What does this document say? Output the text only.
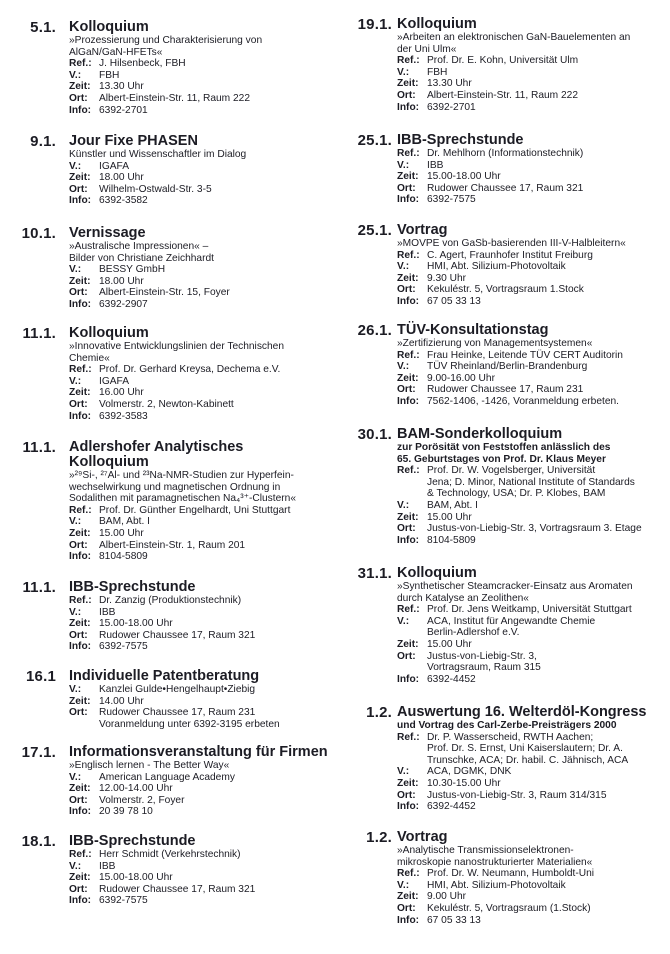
5.1. Kolloquium
»Prozessierung und Charakterisierung von
AlGaN/GaN-HFETs«
Ref.: J. Hilsenbeck, FBH
V.:	FBH
Zeit: 13.30 Uhr
Ort:	Albert-Einstein-Str. 11, Raum 222
Info: 6392-2701
9.1. Jour Fixe PHASEN
Künstler und Wissenschaftler im Dialog
V.:	IGAFA
Zeit: 18.00 Uhr
Ort:	Wilhelm-Ostwald-Str. 3-5
Info: 6392-3582
10.1. Vernissage
»Australische Impressionen« –
Bilder von Christiane Zeichhardt
V.:	BESSY GmbH
Zeit: 18.00 Uhr
Ort:	Albert-Einstein-Str. 15, Foyer
Info: 6392-2907
11.1. Kolloquium
»Innovative Entwicklungslinien der Technischen
Chemie«
Ref.: Prof. Dr. Gerhard Kreysa, Dechema e.V.
V.:	IGAFA
Zeit: 16.00 Uhr
Ort:	Volmerstr. 2, Newton-Kabinett
Info: 6392-3583
11.1. Adlershofer Analytisches
Kolloquium
»²⁹Si-, ²⁷Al- und ²³Na-NMR-Studien zur Hyperfein-
wechselwirkung und magnetischen Ordnung in
Sodalithen mit paramagnetischen Na₄³⁺-Clustern«
Ref.: Prof. Dr. Günther Engelhardt, Uni Stuttgart
V.:	BAM, Abt. I
Zeit: 15.00 Uhr
Ort:	Albert-Einstein-Str. 1, Raum 201
Info: 8104-5809
11.1. IBB-Sprechstunde
Ref.: Dr. Zanzig (Produktionstechnik)
V.:	IBB
Zeit: 15.00-18.00 Uhr
Ort:	Rudower Chaussee 17, Raum 321
Info: 6392-7575
16.1 Individuelle Patentberatung
V.:	Kanzlei Gulde•Hengelhaupt•Ziebig
Zeit: 14.00 Uhr
Ort:	Rudower Chaussee 17, Raum 231
Voranmeldung unter 6392-3195 erbeten
17.1. Informationsveranstaltung für Firmen
»Englisch lernen - The Better Way«
V.:	American Language Academy
Zeit: 12.00-14.00 Uhr
Ort:	Volmerstr. 2, Foyer
Info: 20 39 78 10
18.1. IBB-Sprechstunde
Ref.: Herr Schmidt (Verkehrstechnik)
V.:	IBB
Zeit: 15.00-18.00 Uhr
Ort:	Rudower Chaussee 17, Raum 321
Info: 6392-7575
19.1. Kolloquium
»Arbeiten an elektronischen GaN-Bauelementen an
der Uni Ulm«
Ref.: Prof. Dr. E. Kohn, Universität Ulm
V.:	FBH
Zeit: 13.30 Uhr
Ort:	Albert-Einstein-Str. 11, Raum 222
Info: 6392-2701
25.1. IBB-Sprechstunde
Ref.: Dr. Mehlhorn (Informationstechnik)
V.:	IBB
Zeit: 15.00-18.00 Uhr
Ort:	Rudower Chaussee 17, Raum 321
Info: 6392-7575
25.1. Vortrag
»MOVPE von GaSb-basierenden III-V-Halbleitern«
Ref.: C. Agert, Fraunhofer Institut Freiburg
V.:	HMI, Abt. Silizium-Photovoltaik
Zeit: 9.30 Uhr
Ort:	Kekuléstr. 5, Vortragsraum 1.Stock
Info: 67 05 33 13
26.1. TÜV-Konsultationstag
»Zertifizierung von Managementsystemen«
Ref.: Frau Heinke, Leitende TÜV CERT Auditorin
V.:	TÜV Rheinland/Berlin-Brandenburg
Zeit: 9.00-16.00 Uhr
Ort:	Rudower Chaussee 17, Raum 231
Info: 7562-1406, -1426, Voranmeldung erbeten.
30.1. BAM-Sonderkolloquium
zur Porösität von Feststoffen anlässlich des
65. Geburtstages von Prof. Dr. Klaus Meyer
Ref.: Prof. Dr. W. Vogelsberger, Universität
Jena; D. Minor, National Institute of Standards
& Technology, USA; Dr. P. Klobes, BAM
V.:	BAM, Abt. I
Zeit: 15.00 Uhr
Ort:	Justus-von-Liebig-Str. 3, Vortragsraum 3. Etage
Info: 8104-5809
31.1. Kolloquium
»Synthetischer Steamcracker-Einsatz aus Aromaten
durch Katalyse an Zeolithen«
Ref.: Prof. Dr. Jens Weitkamp, Universität Stuttgart
V.:	ACA, Institut für Angewandte Chemie
Berlin-Adlershof e.V.
Zeit: 15.00 Uhr
Ort:	Justus-von-Liebig-Str. 3,
Vortragsraum, Raum 315
Info: 6392-4452
1.2. Auswertung 16. Welterdöl-Kongress
und Vortrag des Carl-Zerbe-Preisträgers 2000
Ref.: Dr. P. Wasserscheid, RWTH Aachen;
Prof. Dr. S. Ernst, Uni Kaiserslautern; Dr. A.
Trunschke, ACA; Dr. habil. C. Jähnisch, ACA
V.:	ACA, DGMK, DNK
Zeit: 10.30-15.00 Uhr
Ort:	Justus-von-Liebig-Str. 3, Raum 314/315
Info: 6392-4452
1.2. Vortrag
»Analytische Transmissionselektronen-
mikroskopie nanostrukturierter Materialien«
Ref.: Prof. Dr. W. Neumann, Humboldt-Uni
V.:	HMI, Abt. Silizium-Photovoltaik
Zeit: 9.00 Uhr
Ort:	Kekuléstr. 5, Vortragsraum (1.Stock)
Info: 67 05 33 13
